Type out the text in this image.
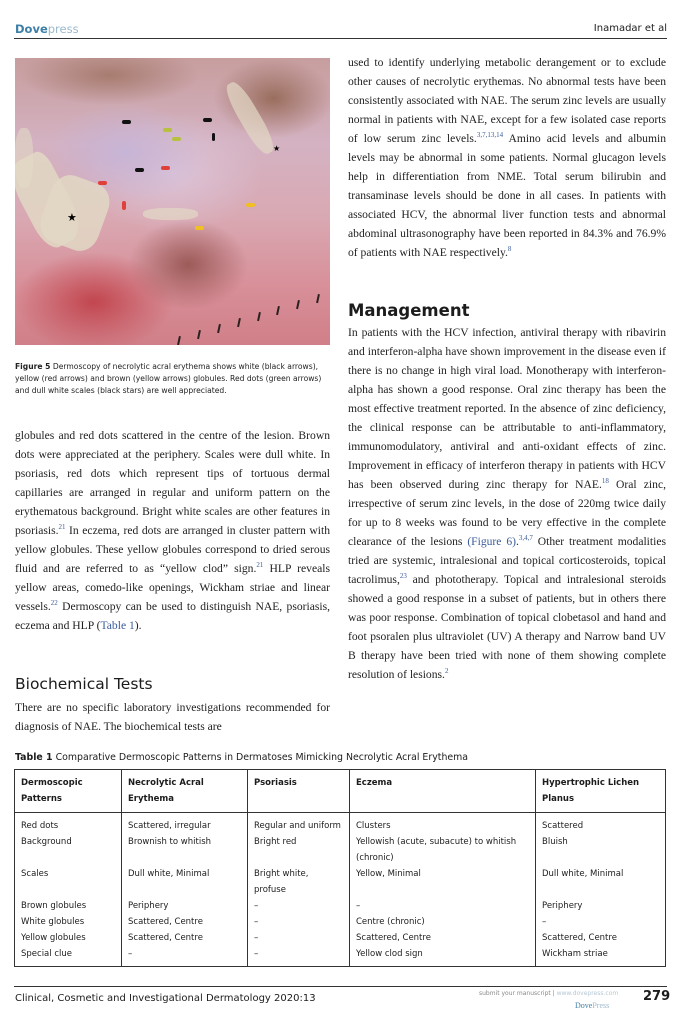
Dovepress	Inamadar et al
★
★
Figure 5 Dermoscopy of necrolytic acral erythema shows white (black arrows), yellow (red arrows) and brown (yellow arrows) globules. Red dots (green arrows) and dull white scales (black stars) are well appreciated.
globules and red dots scattered in the centre of the lesion. Brown dots were appreciated at the periphery. Scales were dull white. In psoriasis, red dots which represent tips of tortuous dermal capillaries are arranged in regular and uniform pattern on the erythematous background. Bright white scales are other features in psoriasis.$^{21}$ In eczema, red dots are arranged in cluster pattern with yellow globules. These yellow globules correspond to dried serous fluid and are referred to as “yellow clod” sign.$^{21}$ HLP reveals yellow areas, comedo-like openings, Wickham striae and linear vessels.$^{22}$ Dermoscopy can be used to distinguish NAE, psoriasis, eczema and HLP (Table 1).
Biochemical Tests
There are no specific laboratory investigations recommended for diagnosis of NAE. The biochemical tests are
used to identify underlying metabolic derangement or to exclude other causes of necrolytic erythemas. No abnormal tests have been consistently associated with NAE. The serum zinc levels are usually normal in patients with NAE, except for a few isolated case reports of low serum zinc levels.$^{3,7,13,14}$ Amino acid levels and albumin levels may be abnormal in some patients. Normal glucagon levels help in differentiation from NME. Total serum bilirubin and transaminase levels should be done in all cases. In patients with associated HCV, the abnormal liver function tests and abnormal abdominal ultrasonography have been reported in 84.3% and 76.9% of patients with NAE respectively.$^8$
Management
In patients with the HCV infection, antiviral therapy with ribavirin and interferon-alpha have shown improvement in the disease even if there is no change in high viral load. Monotherapy with interferon-alpha has shown a good response. Oral zinc therapy has been the most effective treatment reported. In the absence of zinc deficiency, the clinical response can be attributable to anti-inflammatory, immunomodulatory, antiviral and anti-oxidant effects of zinc. Improvement in efficacy of interferon therapy in patients with HCV has been observed during zinc therapy for NAE.$^{18}$ Oral zinc, irrespective of serum zinc levels, in the dose of 220mg twice daily for up to 8 weeks was found to be very effective in the complete clearance of the lesions (Figure 6).$^{3,4,7}$ Other treatment modalities tried are systemic, intralesional and topical corticosteroids, topical tacrolimus,$^{23}$ and phototherapy. Topical and intralesional steroids showed a good response in a subset of patients, but in others there was poor response. Combination of topical clobetasol and hand and foot psoralen plus ultraviolet (UV) A therapy and Narrow band UV B therapy have been tried with none of them showing complete resolution of lesions.$^2$
Table 1 Comparative Dermoscopic Patterns in Dermatoses Mimicking Necrolytic Acral Erythema
Dermoscopic Patterns	Necrolytic Acral Erythema	Psoriasis	Eczema	Hypertrophic Lichen Planus
Red dots	Scattered, irregular	Regular and uniform	Clusters	Scattered
Background	Brownish to whitish	Bright red	Yellowish (acute, subacute) to whitish (chronic)	Bluish
Scales	Dull white, Minimal	Bright white, profuse	Yellow, Minimal	Dull white, Minimal
Brown globules	Periphery	–	–	Periphery
White globules	Scattered, Centre	–	Centre (chronic)	–
Yellow globules	Scattered, Centre	–	Scattered, Centre	Scattered, Centre
Special clue	–	–	Yellow clod sign	Wickham striae
Clinical, Cosmetic and Investigational Dermatology 2020:13	submit your manuscript | www.dovepress.com
DovePress
279
